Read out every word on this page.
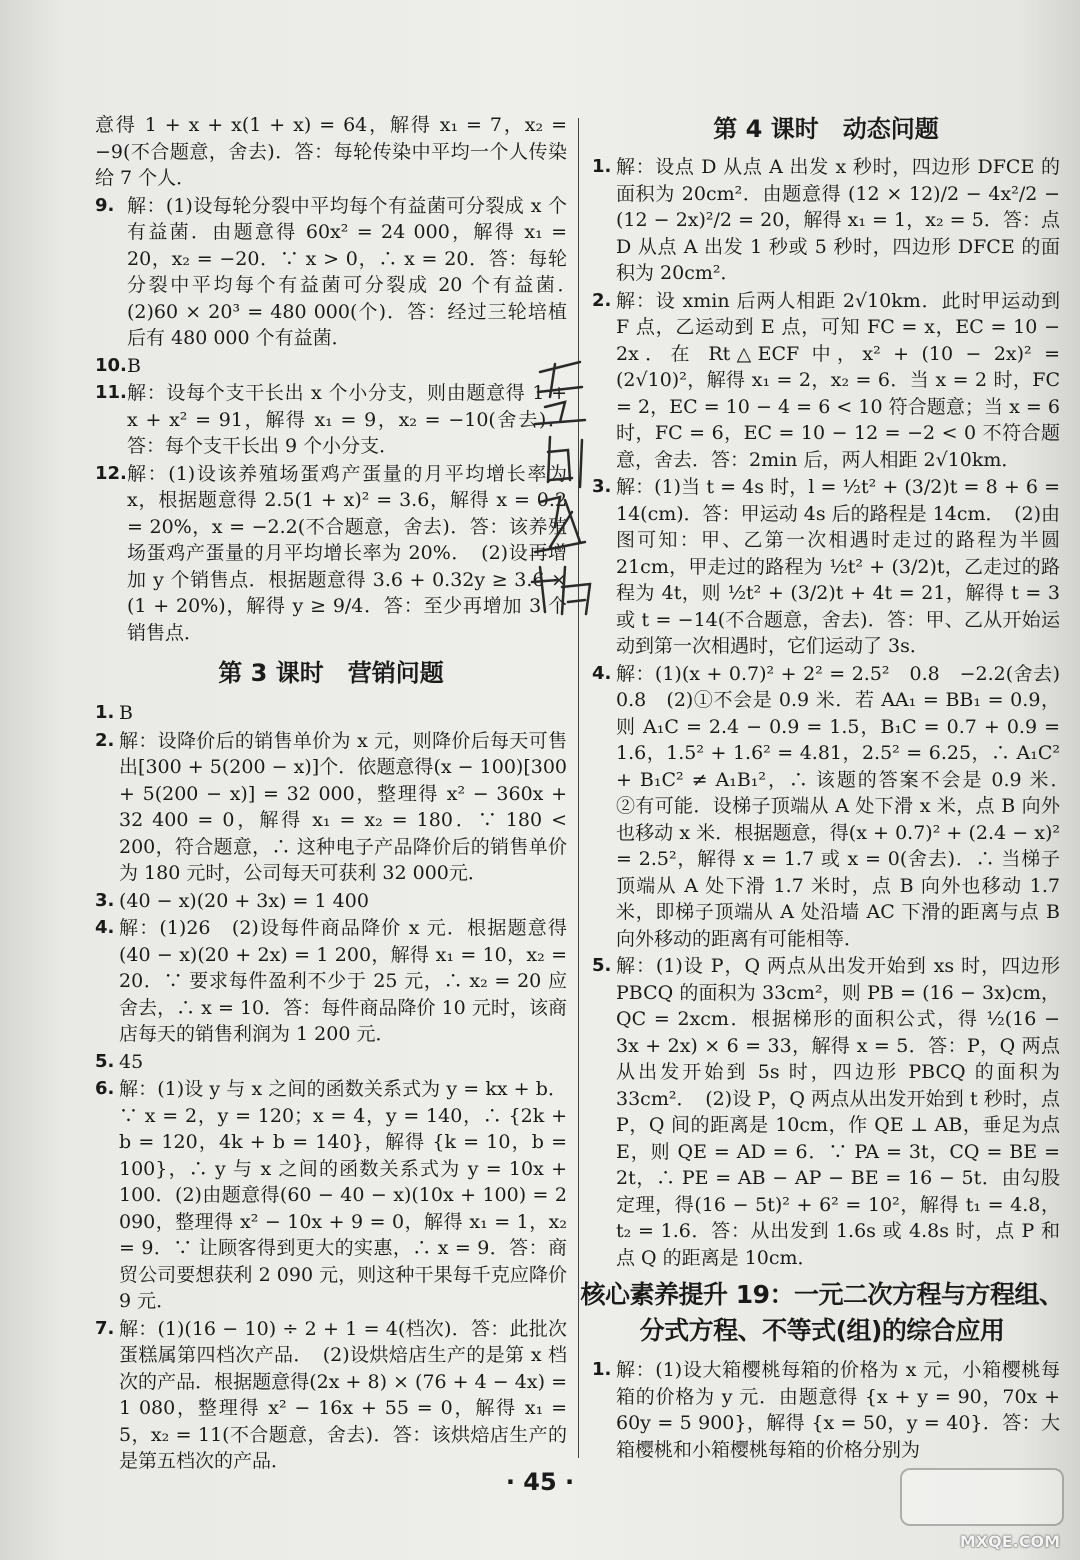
意得 1 + x + x(1 + x) = 64，解得 x₁ = 7，x₂ = −9(不合题意，舍去)．答：每轮传染中平均一个人传染给 7 个人．

9. 解：(1)设每轮分裂中平均每个有益菌可分裂成 x 个有益菌．由题意得 60x² = 24 000，解得 x₁ = 20，x₂ = −20．∵ x > 0，∴ x = 20．答：每轮分裂中平均每个有益菌可分裂成 20 个有益菌．　(2)60 × 20³ = 480 000(个)．答：经过三轮培植后有 480 000 个有益菌．
10. B
11. 解：设每个支干长出 x 个小分支，则由题意得 1 + x + x² = 91，解得 x₁ = 9，x₂ = −10(舍去)．答：每个支干长出 9 个小分支．
12. 解：(1)设该养殖场蛋鸡产蛋量的月平均增长率为 x，根据题意得 2.5(1 + x)² = 3.6，解得 x = 0.2 = 20%，x = −2.2(不合题意，舍去)．答：该养殖场蛋鸡产蛋量的月平均增长率为 20%．　(2)设再增加 y 个销售点．根据题意得 3.6 + 0.32y ≥ 3.6 × (1 + 20%)，解得 y ≥ 9/4．答：至少再增加 3 个销售点．
第 3 课时　营销问题
1. B
2. 解：设降价后的销售单价为 x 元，则降价后每天可售出[300 + 5(200 − x)]个．依题意得(x − 100)[300 + 5(200 − x)] = 32 000，整理得 x² − 360x + 32 400 = 0，解得 x₁ = x₂ = 180．∵ 180 < 200，符合题意，∴ 这种电子产品降价后的销售单价为 180 元时，公司每天可获利 32 000元．
3. (40 − x)(20 + 3x) = 1 400
4. 解：(1)26　(2)设每件商品降价 x 元．根据题意得(40 − x)(20 + 2x) = 1 200，解得 x₁ = 10，x₂ = 20．∵ 要求每件盈利不少于 25 元，∴ x₂ = 20 应舍去，∴ x = 10．答：每件商品降价 10 元时，该商店每天的销售利润为 1 200 元．
5. 45
6. 解：(1)设 y 与 x 之间的函数关系式为 y = kx + b．∵ x = 2，y = 120；x = 4，y = 140，∴ {2k + b = 120，4k + b = 140}，解得 {k = 10，b = 100}，∴ y 与 x 之间的函数关系式为 y = 10x + 100．(2)由题意得(60 − 40 − x)(10x + 100) = 2 090，整理得 x² − 10x + 9 = 0，解得 x₁ = 1，x₂ = 9．∵ 让顾客得到更大的实惠，∴ x = 9．答：商贸公司要想获利 2 090 元，则这种干果每千克应降价 9 元．
7. 解：(1)(16 − 10) ÷ 2 + 1 = 4(档次)．答：此批次蛋糕属第四档次产品．　(2)设烘焙店生产的是第 x 档次的产品．根据题意得(2x + 8) × (76 + 4 − 4x) = 1 080，整理得 x² − 16x + 55 = 0，解得 x₁ = 5，x₂ = 11(不合题意，舍去)．答：该烘焙店生产的是第五档次的产品．
第 4 课时　动态问题
1. 解：设点 D 从点 A 出发 x 秒时，四边形 DFCE 的面积为 20cm²．由题意得 (12 × 12)/2 − 4x²/2 − (12 − 2x)²/2 = 20，解得 x₁ = 1，x₂ = 5．答：点 D 从点 A 出发 1 秒或 5 秒时，四边形 DFCE 的面积为 20cm²．
2. 解：设 xmin 后两人相距 2√10km．此时甲运动到 F 点，乙运动到 E 点，可知 FC = x，EC = 10 − 2x．在 Rt△ECF 中，x² + (10 − 2x)² = (2√10)²，解得 x₁ = 2，x₂ = 6．当 x = 2 时，FC = 2，EC = 10 − 4 = 6 < 10 符合题意；当 x = 6 时，FC = 6，EC = 10 − 12 = −2 < 0 不符合题意，舍去．答：2min 后，两人相距 2√10km．
3. 解：(1)当 t = 4s 时，l = ½t² + (3/2)t = 8 + 6 = 14(cm)．答：甲运动 4s 后的路程是 14cm．　(2)由图可知：甲、乙第一次相遇时走过的路程为半圆 21cm，甲走过的路程为 ½t² + (3/2)t，乙走过的路程为 4t，则 ½t² + (3/2)t + 4t = 21，解得 t = 3 或 t = −14(不合题意，舍去)．答：甲、乙从开始运动到第一次相遇时，它们运动了 3s．
4. 解：(1)(x + 0.7)² + 2² = 2.5²　0.8　−2.2(舍去)　0.8　(2)①不会是 0.9 米．若 AA₁ = BB₁ = 0.9，则 A₁C = 2.4 − 0.9 = 1.5，B₁C = 0.7 + 0.9 = 1.6，1.5² + 1.6² = 4.81，2.5² = 6.25，∴ A₁C² + B₁C² ≠ A₁B₁²，∴ 该题的答案不会是 0.9 米．　②有可能．设梯子顶端从 A 处下滑 x 米，点 B 向外也移动 x 米．根据题意，得(x + 0.7)² + (2.4 − x)² = 2.5²，解得 x = 1.7 或 x = 0(舍去)．∴ 当梯子顶端从 A 处下滑 1.7 米时，点 B 向外也移动 1.7 米，即梯子顶端从 A 处沿墙 AC 下滑的距离与点 B 向外移动的距离有可能相等．
5. 解：(1)设 P，Q 两点从出发开始到 xs 时，四边形 PBCQ 的面积为 33cm²，则 PB = (16 − 3x)cm，QC = 2xcm．根据梯形的面积公式，得 ½(16 − 3x + 2x) × 6 = 33，解得 x = 5．答：P，Q 两点从出发开始到 5s 时，四边形 PBCQ 的面积为 33cm²．　(2)设 P，Q 两点从出发开始到 t 秒时，点 P，Q 间的距离是 10cm，作 QE ⊥ AB，垂足为点 E，则 QE = AD = 6．∵ PA = 3t，CQ = BE = 2t，∴ PE = AB − AP − BE = 16 − 5t．由勾股定理，得(16 − 5t)² + 6² = 10²，解得 t₁ = 4.8，t₂ = 1.6．答：从出发到 1.6s 或 4.8s 时，点 P 和点 Q 的距离是 10cm．
核心素养提升 19：一元二次方程与方程组、
分式方程、不等式(组)的综合应用
1. 解：(1)设大箱樱桃每箱的价格为 x 元，小箱樱桃每箱的价格为 y 元．由题意得 {x + y = 90，70x + 60y = 5 900}，解得 {x = 50，y = 40}．答：大箱樱桃和小箱樱桃每箱的价格分别为
· 45 ·
MXQE.COM
